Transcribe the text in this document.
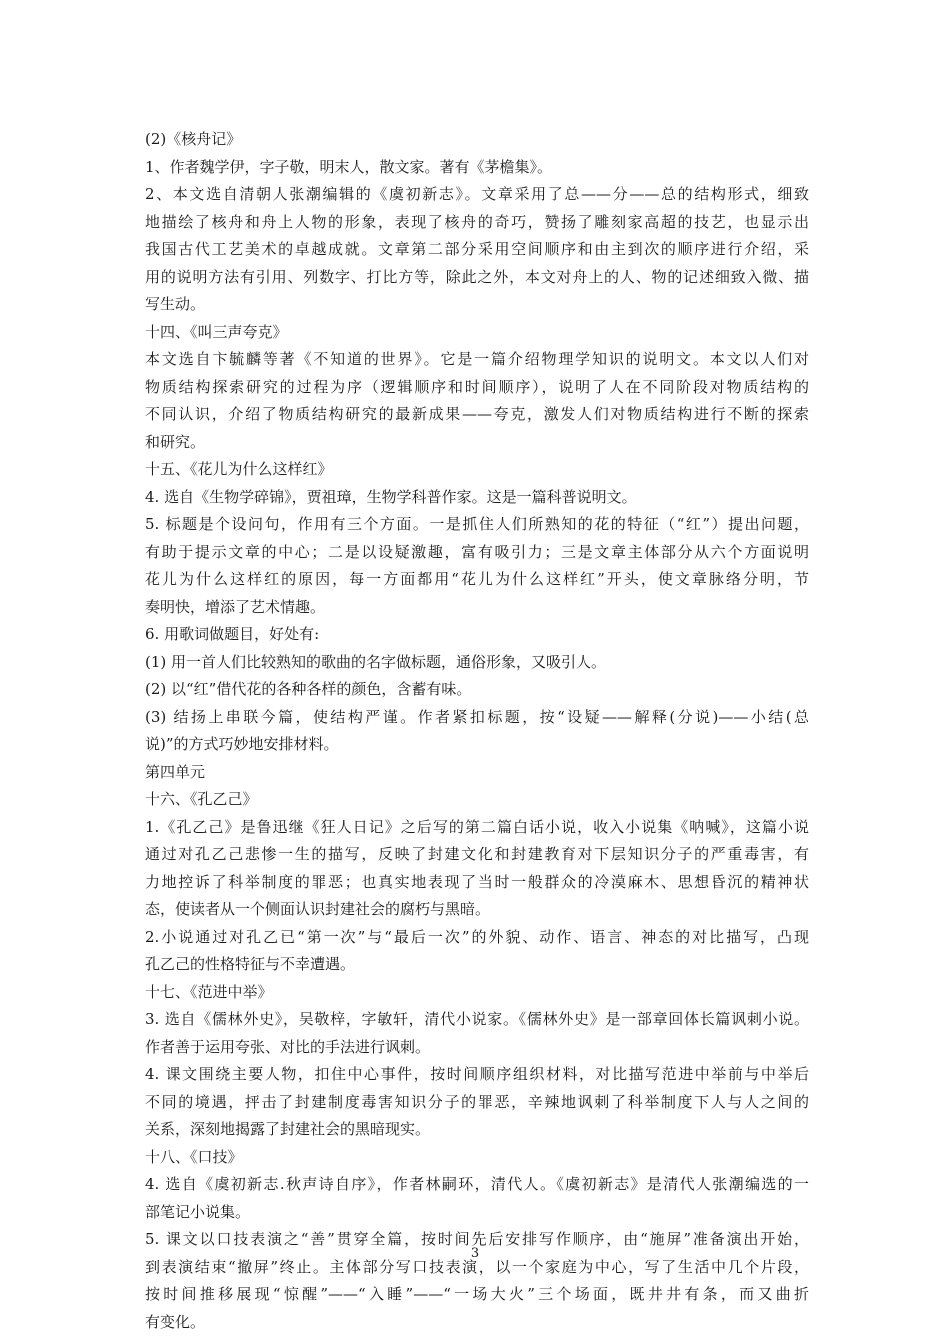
(2)《核舟记》
1、作者魏学伊，字子敬，明末人，散文家。著有《茅檐集》。
2、本文选自清朝人张潮编辑的《虞初新志》。文章采用了总——分——总的结构形式，细致
地描绘了核舟和舟上人物的形象，表现了核舟的奇巧，赞扬了雕刻家高超的技艺，也显示出
我国古代工艺美术的卓越成就。文章第二部分采用空间顺序和由主到次的顺序进行介绍，采
用的说明方法有引用、列数字、打比方等，除此之外，本文对舟上的人、物的记述细致入微、描
写生动。
十四、《叫三声夸克》
本文选自卞毓麟等著《不知道的世界》。它是一篇介绍物理学知识的说明文。本文以人们对
物质结构探索研究的过程为序（逻辑顺序和时间顺序），说明了人在不同阶段对物质结构的
不同认识，介绍了物质结构研究的最新成果——夸克，激发人们对物质结构进行不断的探索
和研究。
十五、《花儿为什么这样红》
4. 选自《生物学碎锦》，贾祖璋，生物学科普作家。这是一篇科普说明文。
5. 标题是个设问句，作用有三个方面。一是抓住人们所熟知的花的特征（“红”）提出问题，
有助于提示文章的中心；二是以设疑激趣，富有吸引力；三是文章主体部分从六个方面说明
花儿为什么这样红的原因，每一方面都用“花儿为什么这样红”开头，使文章脉络分明，节
奏明快，增添了艺术情趣。
6. 用歌词做题目，好处有:
(1) 用一首人们比较熟知的歌曲的名字做标题，通俗形象，又吸引人。
(2) 以“红”借代花的各种各样的颜色，含蓄有味。
(3) 结扬上串联今篇，使结构严谨。作者紧扣标题，按“设疑——解释(分说)——小结(总
说)”的方式巧妙地安排材料。
第四单元
十六、《孔乙己》
1.《孔乙己》是鲁迅继《狂人日记》之后写的第二篇白话小说，收入小说集《呐喊》，这篇小说
通过对孔乙己悲惨一生的描写，反映了封建文化和封建教育对下层知识分子的严重毒害，有
力地控诉了科举制度的罪恶；也真实地表现了当时一般群众的冷漠麻木、思想昏沉的精神状
态，使读者从一个侧面认识封建社会的腐朽与黑暗。
2.小说通过对孔乙已“第一次”与“最后一次”的外貌、动作、语言、神态的对比描写，凸现
孔乙己的性格特征与不幸遭遇。
十七、《范进中举》
3. 选自《儒林外史》，吴敬梓，字敏轩，清代小说家。《儒林外史》是一部章回体长篇讽刺小说。
作者善于运用夸张、对比的手法进行讽刺。
4. 课文围绕主要人物，扣住中心事件，按时间顺序组织材料，对比描写范进中举前与中举后
不同的境遇，抨击了封建制度毒害知识分子的罪恶，辛辣地讽刺了科举制度下人与人之间的
关系，深刻地揭露了封建社会的黑暗现实。
十八、《口技》
4. 选自《虞初新志.秋声诗自序》，作者林嗣环，清代人。《虞初新志》是清代人张潮编选的一
部笔记小说集。
5. 课文以口技表演之“善”贯穿全篇，按时间先后安排写作顺序，由“施屏”准备演出开始，
到表演结束“撤屏”终止。主体部分写口技表演，以一个家庭为中心，写了生活中几个片段，
按时间推移展现“惊醒”——“入睡”——“一场大火”三个场面，既井井有条，而又曲折
有变化。
3
